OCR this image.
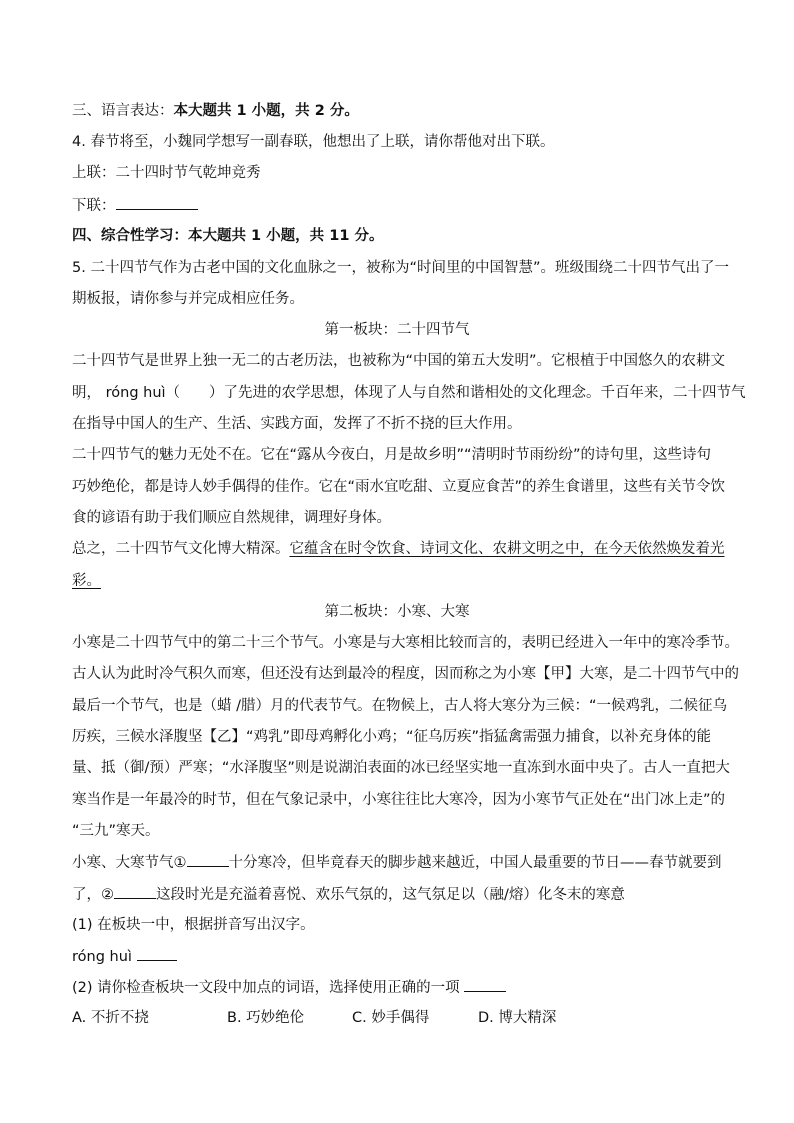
三、语言表达：本大题共 1 小题，共 2 分。
4. 春节将至，小魏同学想写一副春联，他想出了上联，请你帮他对出下联。
上联：二十四时节气乾坤竞秀
下联：
四、综合性学习：本大题共 1 小题，共 11 分。
5. 二十四节气作为古老中国的文化血脉之一，被称为“时间里的中国智慧”。班级围绕二十四节气出了一
期板报，请你参与并完成相应任务。
第一板块：二十四节气
二十四节气是世界上独一无二的古老历法，也被称为“中国的第五大发明”。它根植于中国悠久的农耕文
明， róng huì（　　）了先进的农学思想，体现了人与自然和谐相处的文化理念。千百年来，二十四节气
在指导中国人的生产、生活、实践方面，发挥了不折不挠的巨大作用。
二十四节气的魅力无处不在。它在“露从今夜白，月是故乡明”“清明时节雨纷纷”的诗句里，这些诗句
巧妙绝伦，都是诗人妙手偶得的佳作。它在“雨水宜吃甜、立夏应食苦”的养生食谱里，这些有关节令饮
食的谚语有助于我们顺应自然规律，调理好身体。
总之，二十四节气文化博大精深。它蕴含在时令饮食、诗词文化、农耕文明之中，在今天依然焕发着光
彩。
第二板块：小寒、大寒
小寒是二十四节气中的第二十三个节气。小寒是与大寒相比较而言的，表明已经进入一年中的寒冷季节。
古人认为此时冷气积久而寒，但还没有达到最冷的程度，因而称之为小寒【甲】大寒，是二十四节气中的
最后一个节气，也是（蜡 /腊）月的代表节气。在物候上，古人将大寒分为三候：“一候鸡乳，二候征乌
厉疾，三候水泽腹坚【乙】“鸡乳”即母鸡孵化小鸡；“征乌厉疾”指猛禽需强力捕食，以补充身体的能
量、抵（御/预）严寒；“水泽腹坚”则是说湖泊表面的冰已经坚实地一直冻到水面中央了。古人一直把大
寒当作是一年最冷的时节，但在气象记录中，小寒往往比大寒冷，因为小寒节气正处在“出门冰上走”的
“三九”寒天。
小寒、大寒节气①	十分寒冷，但毕竟春天的脚步越来越近，中国人最重要的节日——春节就要到
了，②	这段时光是充溢着喜悦、欢乐气氛的，这气氛足以（融/熔）化冬末的寒意
(1) 在板块一中，根据拼音写出汉字。
róng huì
(2) 请你检查板块一文段中加点的词语，选择使用正确的一项
A. 不折不挠	B. 巧妙绝伦	C. 妙手偶得	D. 博大精深
